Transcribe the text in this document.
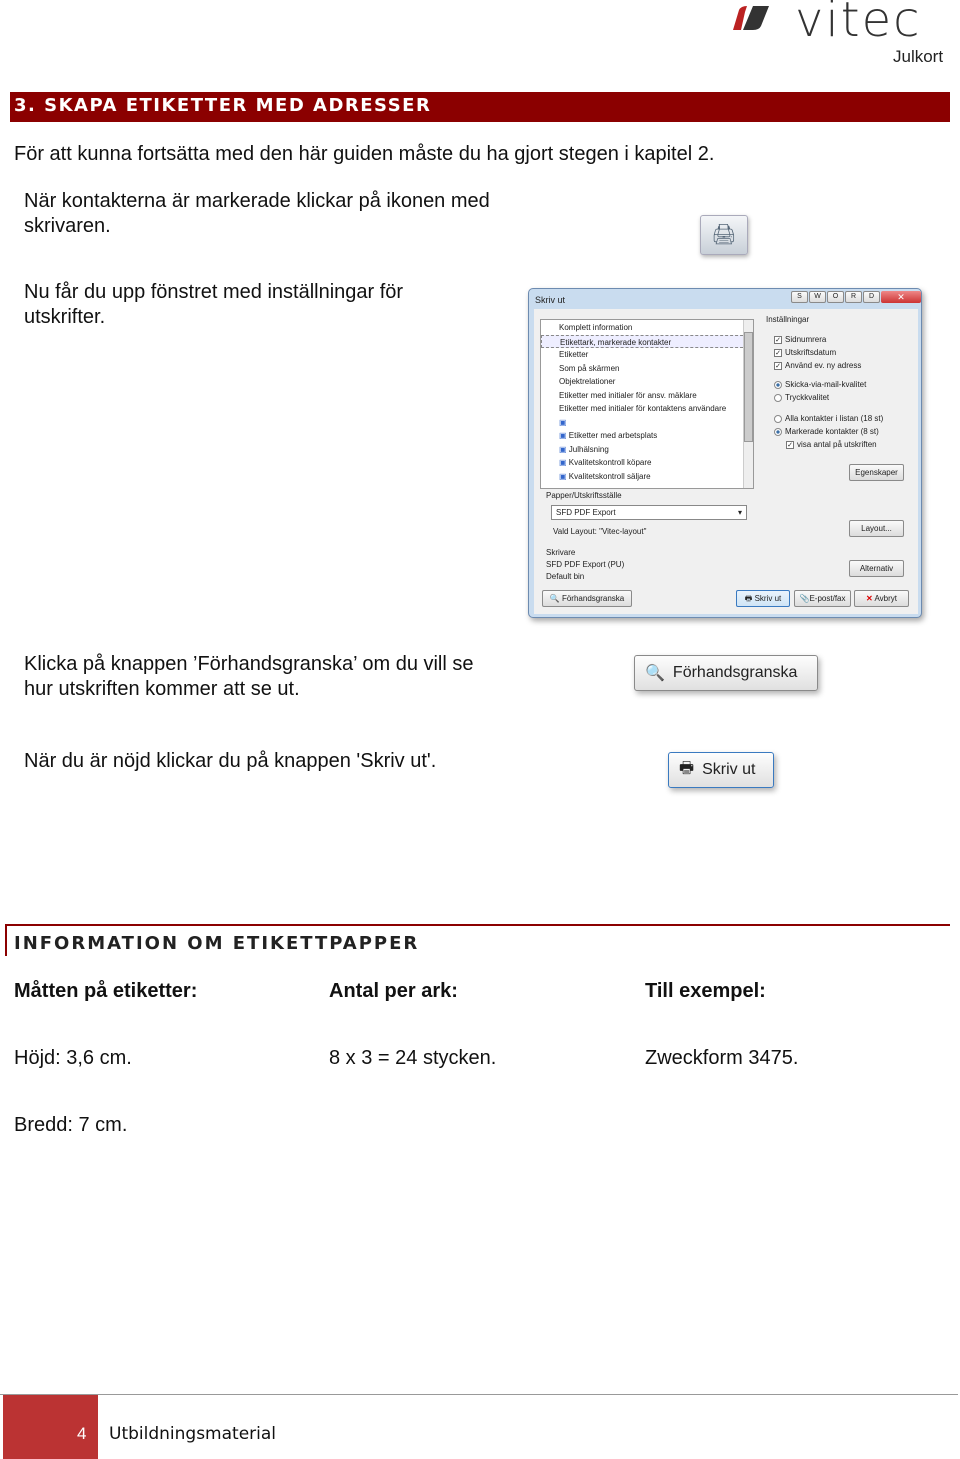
vitec
Julkort
3. SKAPA ETIKETTER MED ADRESSER
För att kunna fortsätta med den här guiden måste du ha gjort stegen i kapitel 2.
När kontakterna är markerade klickar på ikonen med skrivaren.	🖨
Nu får du upp fönstret med inställningar för utskrifter.
Skriv ut	S	W	O	R	D	✕
Komplett information
Etikettark, markerade kontakter
Etiketter
Som på skärmen
Objektrelationer
Etiketter med initialer för ansv. mäklare
Etiketter med initialer för kontaktens användare
▣
▣ Etiketter med arbetsplats
▣ Julhälsning
▣ Kvalitetskontroll köpare
▣ Kvalitetskontroll säljare
Inställningar
✓ Sidnumrera
✓ Utskriftsdatum
✓ Använd ev. ny adress
Skicka-via-mail-kvalitet
Tryckkvalitet
Alla kontakter i listan (18 st)
Markerade kontakter (8 st)
✓ visa antal på utskriften
Egenskaper
Papper/Utskriftsställe
SFD PDF Export	▾
Vald Layout: "Vitec-layout"	Layout...
Skrivare
SFD PDF Export (PU)
Default bin
Alternativ
🔍 Förhandsgranska	🖶 Skriv ut	📎E-post/fax	✕ Avbryt
Klicka på knappen ’Förhandsgranska’ om du vill se hur utskriften kommer att se ut.
🔍 Förhandsgranska
När du är nöjd klickar du på knappen 'Skriv ut'.	🖶 Skriv ut
INFORMATION OM ETIKETTPAPPER
Måtten på etiketter:	Antal per ark:	Till exempel:
Höjd: 3,6 cm.	8 x 3 = 24 stycken.	Zweckform 3475.
Bredd: 7 cm.
4 Utbildningsmaterial
